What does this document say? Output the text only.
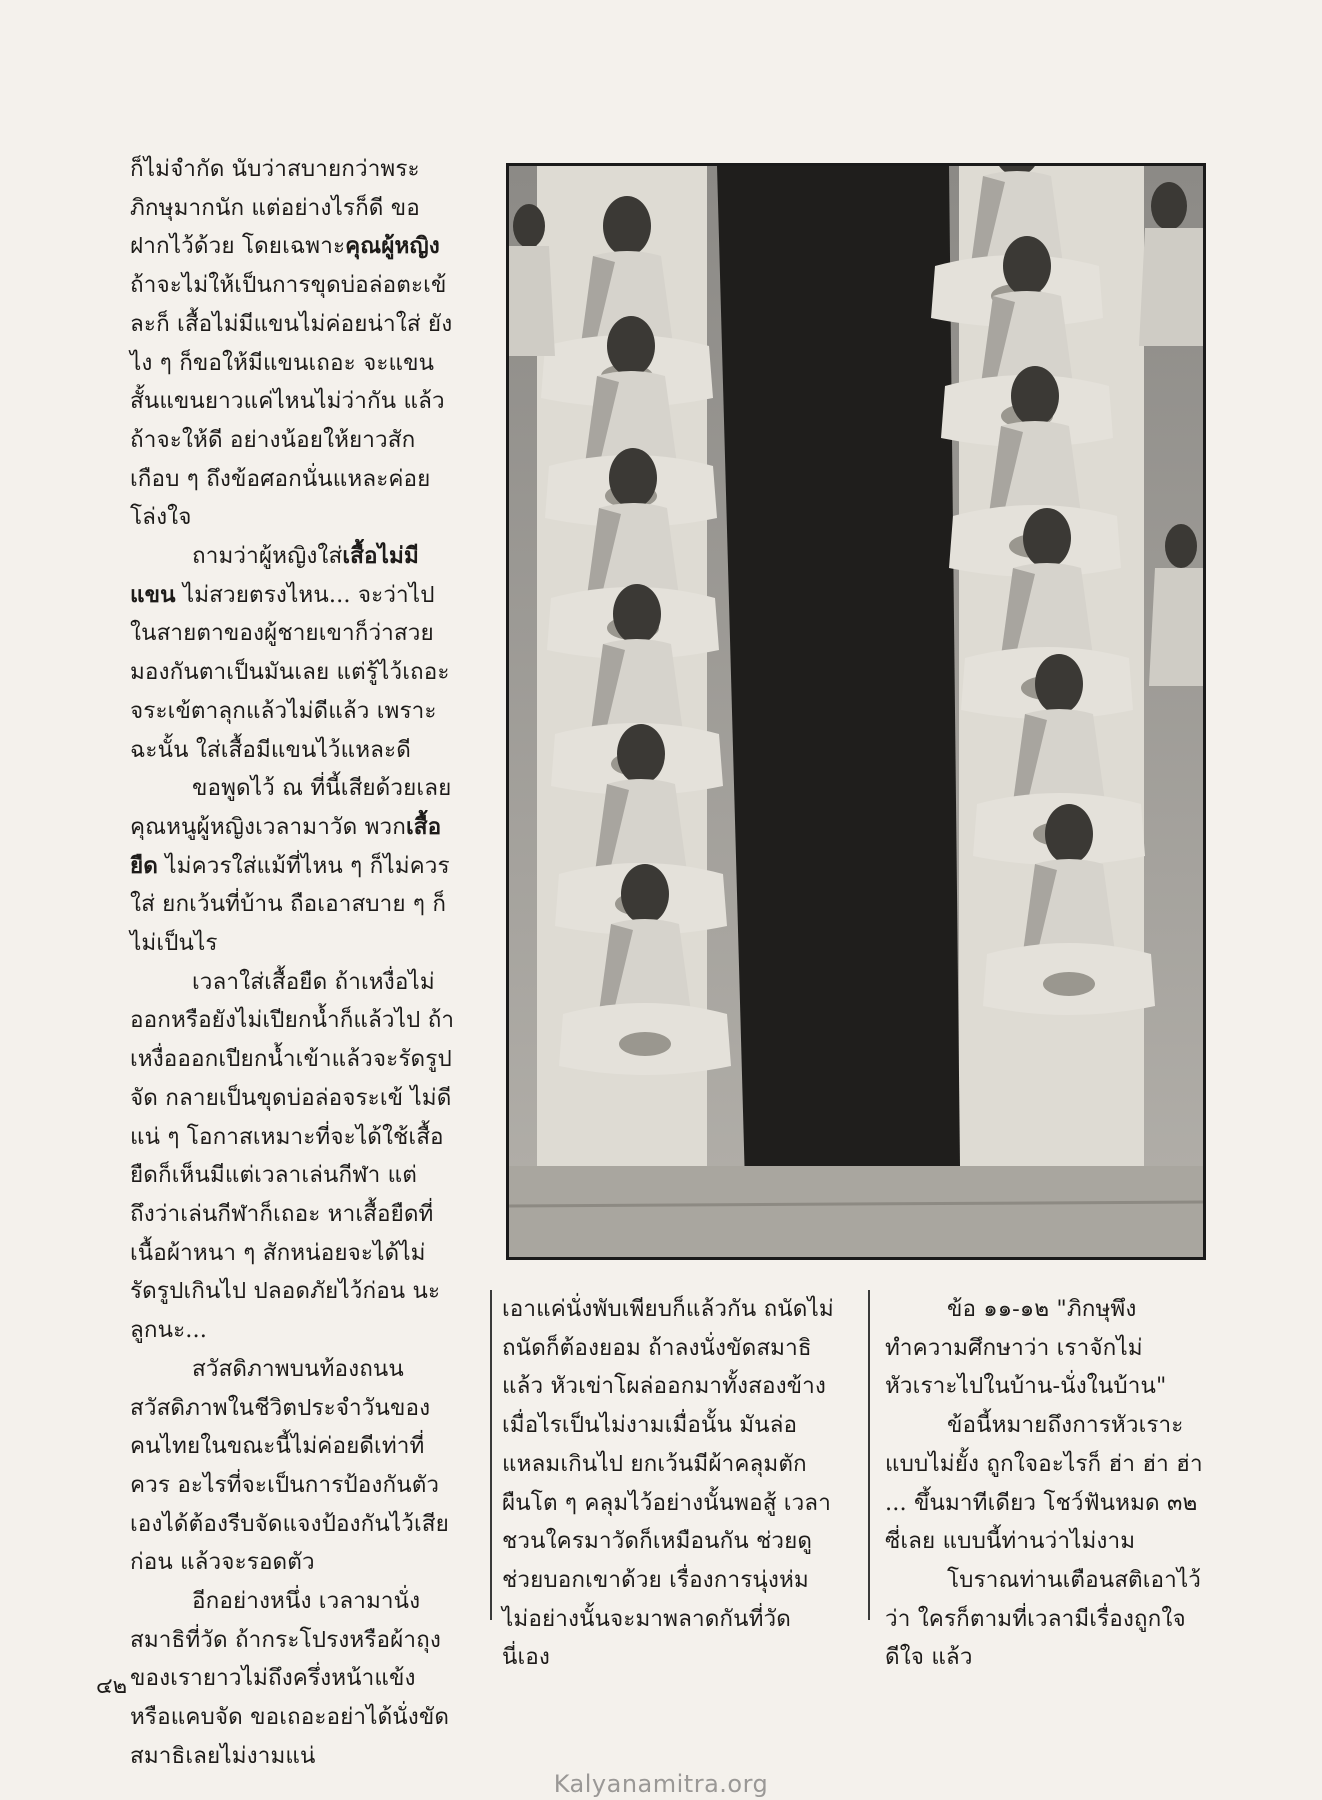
ก็ไม่จำกัด นับว่าสบายกว่าพระภิกษุมากนัก แต่อย่างไรก็ดี ขอฝากไว้ด้วย โดยเฉพาะคุณผู้หญิง ถ้าจะไม่ให้เป็นการขุดบ่อล่อตะเข้ละก็ เสื้อไม่มีแขนไม่ค่อยน่าใส่ ยังไง ๆ ก็ขอให้มีแขนเถอะ จะแขนสั้นแขนยาวแค่ไหนไม่ว่ากัน แล้วถ้าจะให้ดี อย่างน้อยให้ยาวสักเกือบ ๆ ถึงข้อศอกนั่นแหละค่อยโล่งใจ

ถามว่าผู้หญิงใส่เสื้อไม่มีแขน ไม่สวยตรงไหน... จะว่าไป ในสายตาของผู้ชายเขาก็ว่าสวย มองกันตาเป็นมันเลย แต่รู้ไว้เถอะจระเข้ตาลุกแล้วไม่ดีแล้ว เพราะฉะนั้น ใส่เสื้อมีแขนไว้แหละดี

ขอพูดไว้ ณ ที่นี้เสียด้วยเลย คุณหนูผู้หญิงเวลามาวัด พวกเสื้อยืด ไม่ควรใส่แม้ที่ไหน ๆ ก็ไม่ควรใส่ ยกเว้นที่บ้าน ถือเอาสบาย ๆ ก็ไม่เป็นไร

เวลาใส่เสื้อยืด ถ้าเหงื่อไม่ออกหรือยังไม่เปียกน้ำก็แล้วไป ถ้าเหงื่อออกเปียกน้ำเข้าแล้วจะรัดรูปจัด กลายเป็นขุดบ่อล่อจระเข้ ไม่ดีแน่ ๆ โอกาสเหมาะที่จะได้ใช้เสื้อยืดก็เห็นมีแต่เวลาเล่นกีฬา แต่ถึงว่าเล่นกีฬาก็เถอะ หาเสื้อยืดที่เนื้อผ้าหนา ๆ สักหน่อยจะได้ไม่รัดรูปเกินไป ปลอดภัยไว้ก่อน นะลูกนะ...

สวัสดิภาพบนท้องถนน สวัสดิภาพในชีวิตประจำวันของคนไทยในขณะนี้ไม่ค่อยดีเท่าที่ควร อะไรที่จะเป็นการป้องกันตัวเองได้ต้องรีบจัดแจงป้องกันไว้เสียก่อน แล้วจะรอดตัว

อีกอย่างหนึ่ง เวลามานั่งสมาธิที่วัด ถ้ากระโปรงหรือผ้าถุงของเรายาวไม่ถึงครึ่งหน้าแข้ง หรือแคบจัด ขอเถอะอย่าได้นั่งขัดสมาธิเลยไม่งามแน่

เอาแค่นั่งพับเพียบก็แล้วกัน ถนัดไม่ถนัดก็ต้องยอม ถ้าลงนั่งขัดสมาธิแล้ว หัวเข่าโผล่ออกมาทั้งสองข้างเมื่อไรเป็นไม่งามเมื่อนั้น มันล่อแหลมเกินไป ยกเว้นมีผ้าคลุมตักผืนโต ๆ คลุมไว้อย่างนั้นพอสู้ เวลาชวนใครมาวัดก็เหมือนกัน ช่วยดู ช่วยบอกเขาด้วย เรื่องการนุ่งห่ม ไม่อย่างนั้นจะมาพลาดกันที่วัดนี่เอง

ข้อ ๑๑-๑๒ "ภิกษุพึงทำความศึกษาว่า เราจักไม่หัวเราะไปในบ้าน-นั่งในบ้าน"

ข้อนี้หมายถึงการหัวเราะแบบไม่ยั้ง ถูกใจอะไรก็ ฮ่า ฮ่า ฮ่า ... ขึ้นมาทีเดียว โชว์ฟันหมด ๓๒ ซี่เลย แบบนี้ท่านว่าไม่งาม

โบราณท่านเตือนสติเอาไว้ว่า ใครก็ตามที่เวลามีเรื่องถูกใจ ดีใจ แล้ว

๔๒
Kalyanamitra.org
